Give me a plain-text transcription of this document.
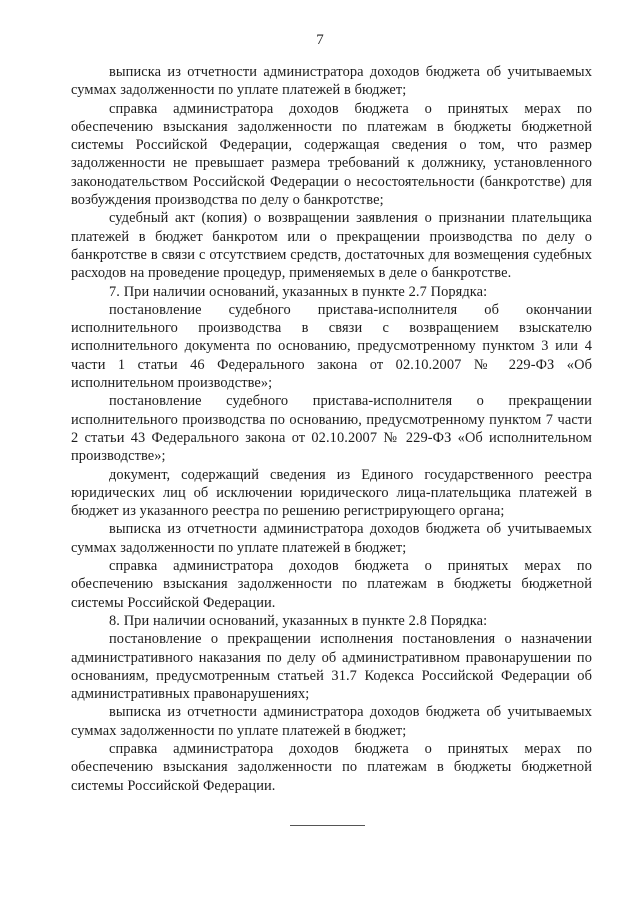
7

выписка из отчетности администратора доходов бюджета об учитываемых суммах задолженности по уплате платежей в бюджет;

справка администратора доходов бюджета о принятых мерах по обеспечению взыскания задолженности по платежам в бюджеты бюджетной системы Российской Федерации, содержащая сведения о том, что размер задолженности не превышает размера требований к должнику, установленного законодательством Российской Федерации о несостоятельности (банкротстве) для возбуждения производства по делу о банкротстве;

судебный акт (копия) о возвращении заявления о признании плательщика платежей в бюджет банкротом или о прекращении производства по делу о банкротстве в связи с отсутствием средств, достаточных для возмещения судебных расходов на проведение процедур, применяемых в деле о банкротстве.

7. При наличии оснований, указанных в пункте 2.7 Порядка:

постановление судебного пристава-исполнителя об окончании исполнительного производства в связи с возвращением взыскателю исполнительного документа по основанию, предусмотренному пунктом 3 или 4 части 1 статьи 46 Федерального закона от 02.10.2007 № 229-ФЗ «Об исполнительном производстве»;

постановление судебного пристава-исполнителя о прекращении исполнительного производства по основанию, предусмотренному пунктом 7 части 2 статьи 43 Федерального закона от 02.10.2007 № 229-ФЗ «Об исполнительном производстве»;

документ, содержащий сведения из Единого государственного реестра юридических лиц об исключении юридического лица-плательщика платежей в бюджет из указанного реестра по решению регистрирующего органа;

выписка из отчетности администратора доходов бюджета об учитываемых суммах задолженности по уплате платежей в бюджет;

справка администратора доходов бюджета о принятых мерах по обеспечению взыскания задолженности по платежам в бюджеты бюджетной системы Российской Федерации.

8. При наличии оснований, указанных в пункте 2.8 Порядка:

постановление о прекращении исполнения постановления о назначении административного наказания по делу об административном правонарушении по основаниям, предусмотренным статьей 31.7 Кодекса Российской Федерации об административных правонарушениях;

выписка из отчетности администратора доходов бюджета об учитываемых суммах задолженности по уплате платежей в бюджет;

справка администратора доходов бюджета о принятых мерах по обеспечению взыскания задолженности по платежам в бюджеты бюджетной системы Российской Федерации.
